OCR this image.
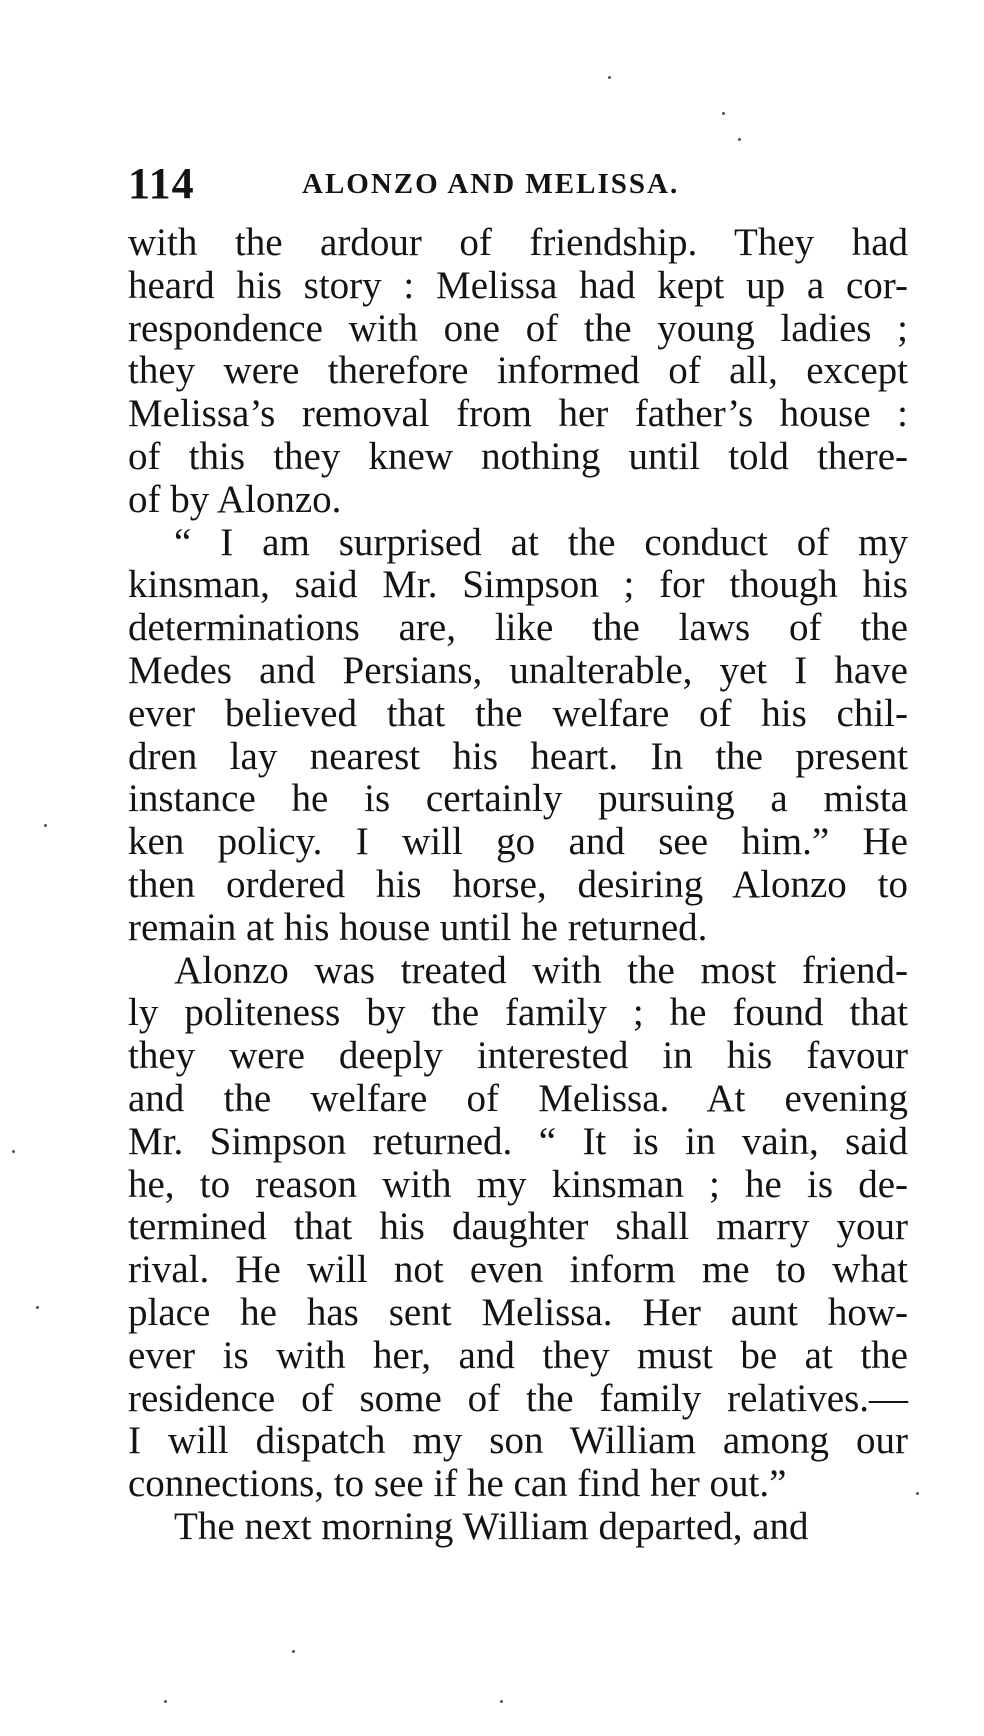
114	ALONZO AND MELISSA.
with the ardour of friendship. They had
heard his story : Melissa had kept up a cor-
respondence with one of the young ladies ;
they were therefore informed of all, except
Melissa’s removal from her father’s house :
of this they knew nothing until told there-
of by Alonzo.
“ I am surprised at the conduct of my
kinsman, said Mr. Simpson ; for though his
determinations are, like the laws of the
Medes and Persians, unalterable, yet I have
ever believed that the welfare of his chil-
dren lay nearest his heart. In the present
instance he is certainly pursuing a mista
ken policy. I will go and see him.” He
then ordered his horse, desiring Alonzo to
remain at his house until he returned.
Alonzo was treated with the most friend-
ly politeness by the family ; he found that
they were deeply interested in his favour
and the welfare of Melissa. At evening
Mr. Simpson returned. “ It is in vain, said
he, to reason with my kinsman ; he is de-
termined that his daughter shall marry your
rival. He will not even inform me to what
place he has sent Melissa. Her aunt how-
ever is with her, and they must be at the
residence of some of the family relatives.—
I will dispatch my son William among our
connections, to see if he can find her out.”
The next morning William departed, and
